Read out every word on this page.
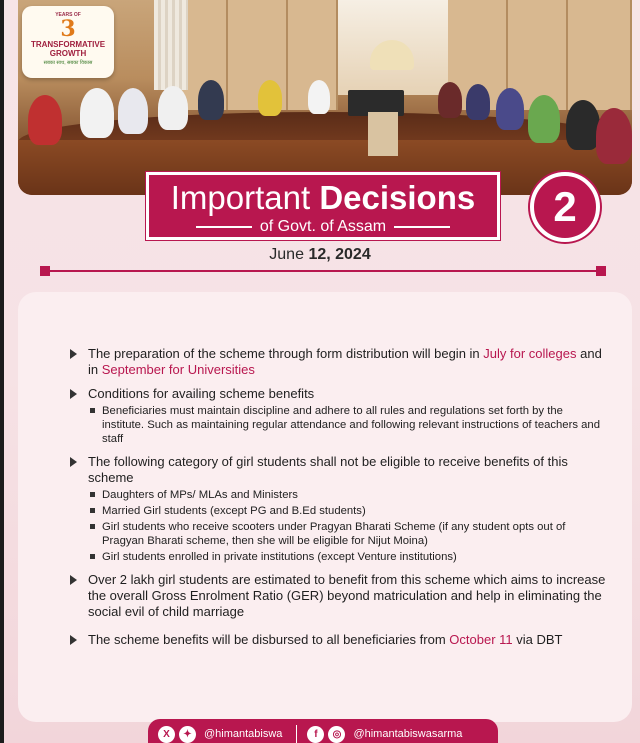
YEARS OF
3
TRANSFORMATIVE
GROWTH
सबका साथ, सबका विकास
Important Decisions
of Govt. of Assam	2
June 12, 2024
The preparation of the scheme through form distribution will begin in July for colleges and in September for Universities
Conditions for availing scheme benefits
Beneficiaries must maintain discipline and adhere to all rules and regulations set forth by the institute. Such as maintaining regular attendance and following relevant instructions of teachers and staff
The following category of girl students shall not be eligible to receive benefits of this scheme
Daughters of MPs/ MLAs and Ministers
Married Girl students (except PG and B.Ed students)
Girl students who receive scooters under Pragyan Bharati Scheme (if any student opts out of Pragyan Bharati scheme, then she will be eligible for Nijut Moina)
Girl students enrolled in private institutions (except Venture institutions)
Over 2 lakh girl students are estimated to benefit from this scheme which aims to increase the overall Gross Enrolment Ratio (GER) beyond matriculation and help in eliminating the social evil of child marriage
The scheme benefits will be disbursed to all beneficiaries from October 11 via DBT
X	✦	@himantabiswa	f	◎	@himantabiswasarma
